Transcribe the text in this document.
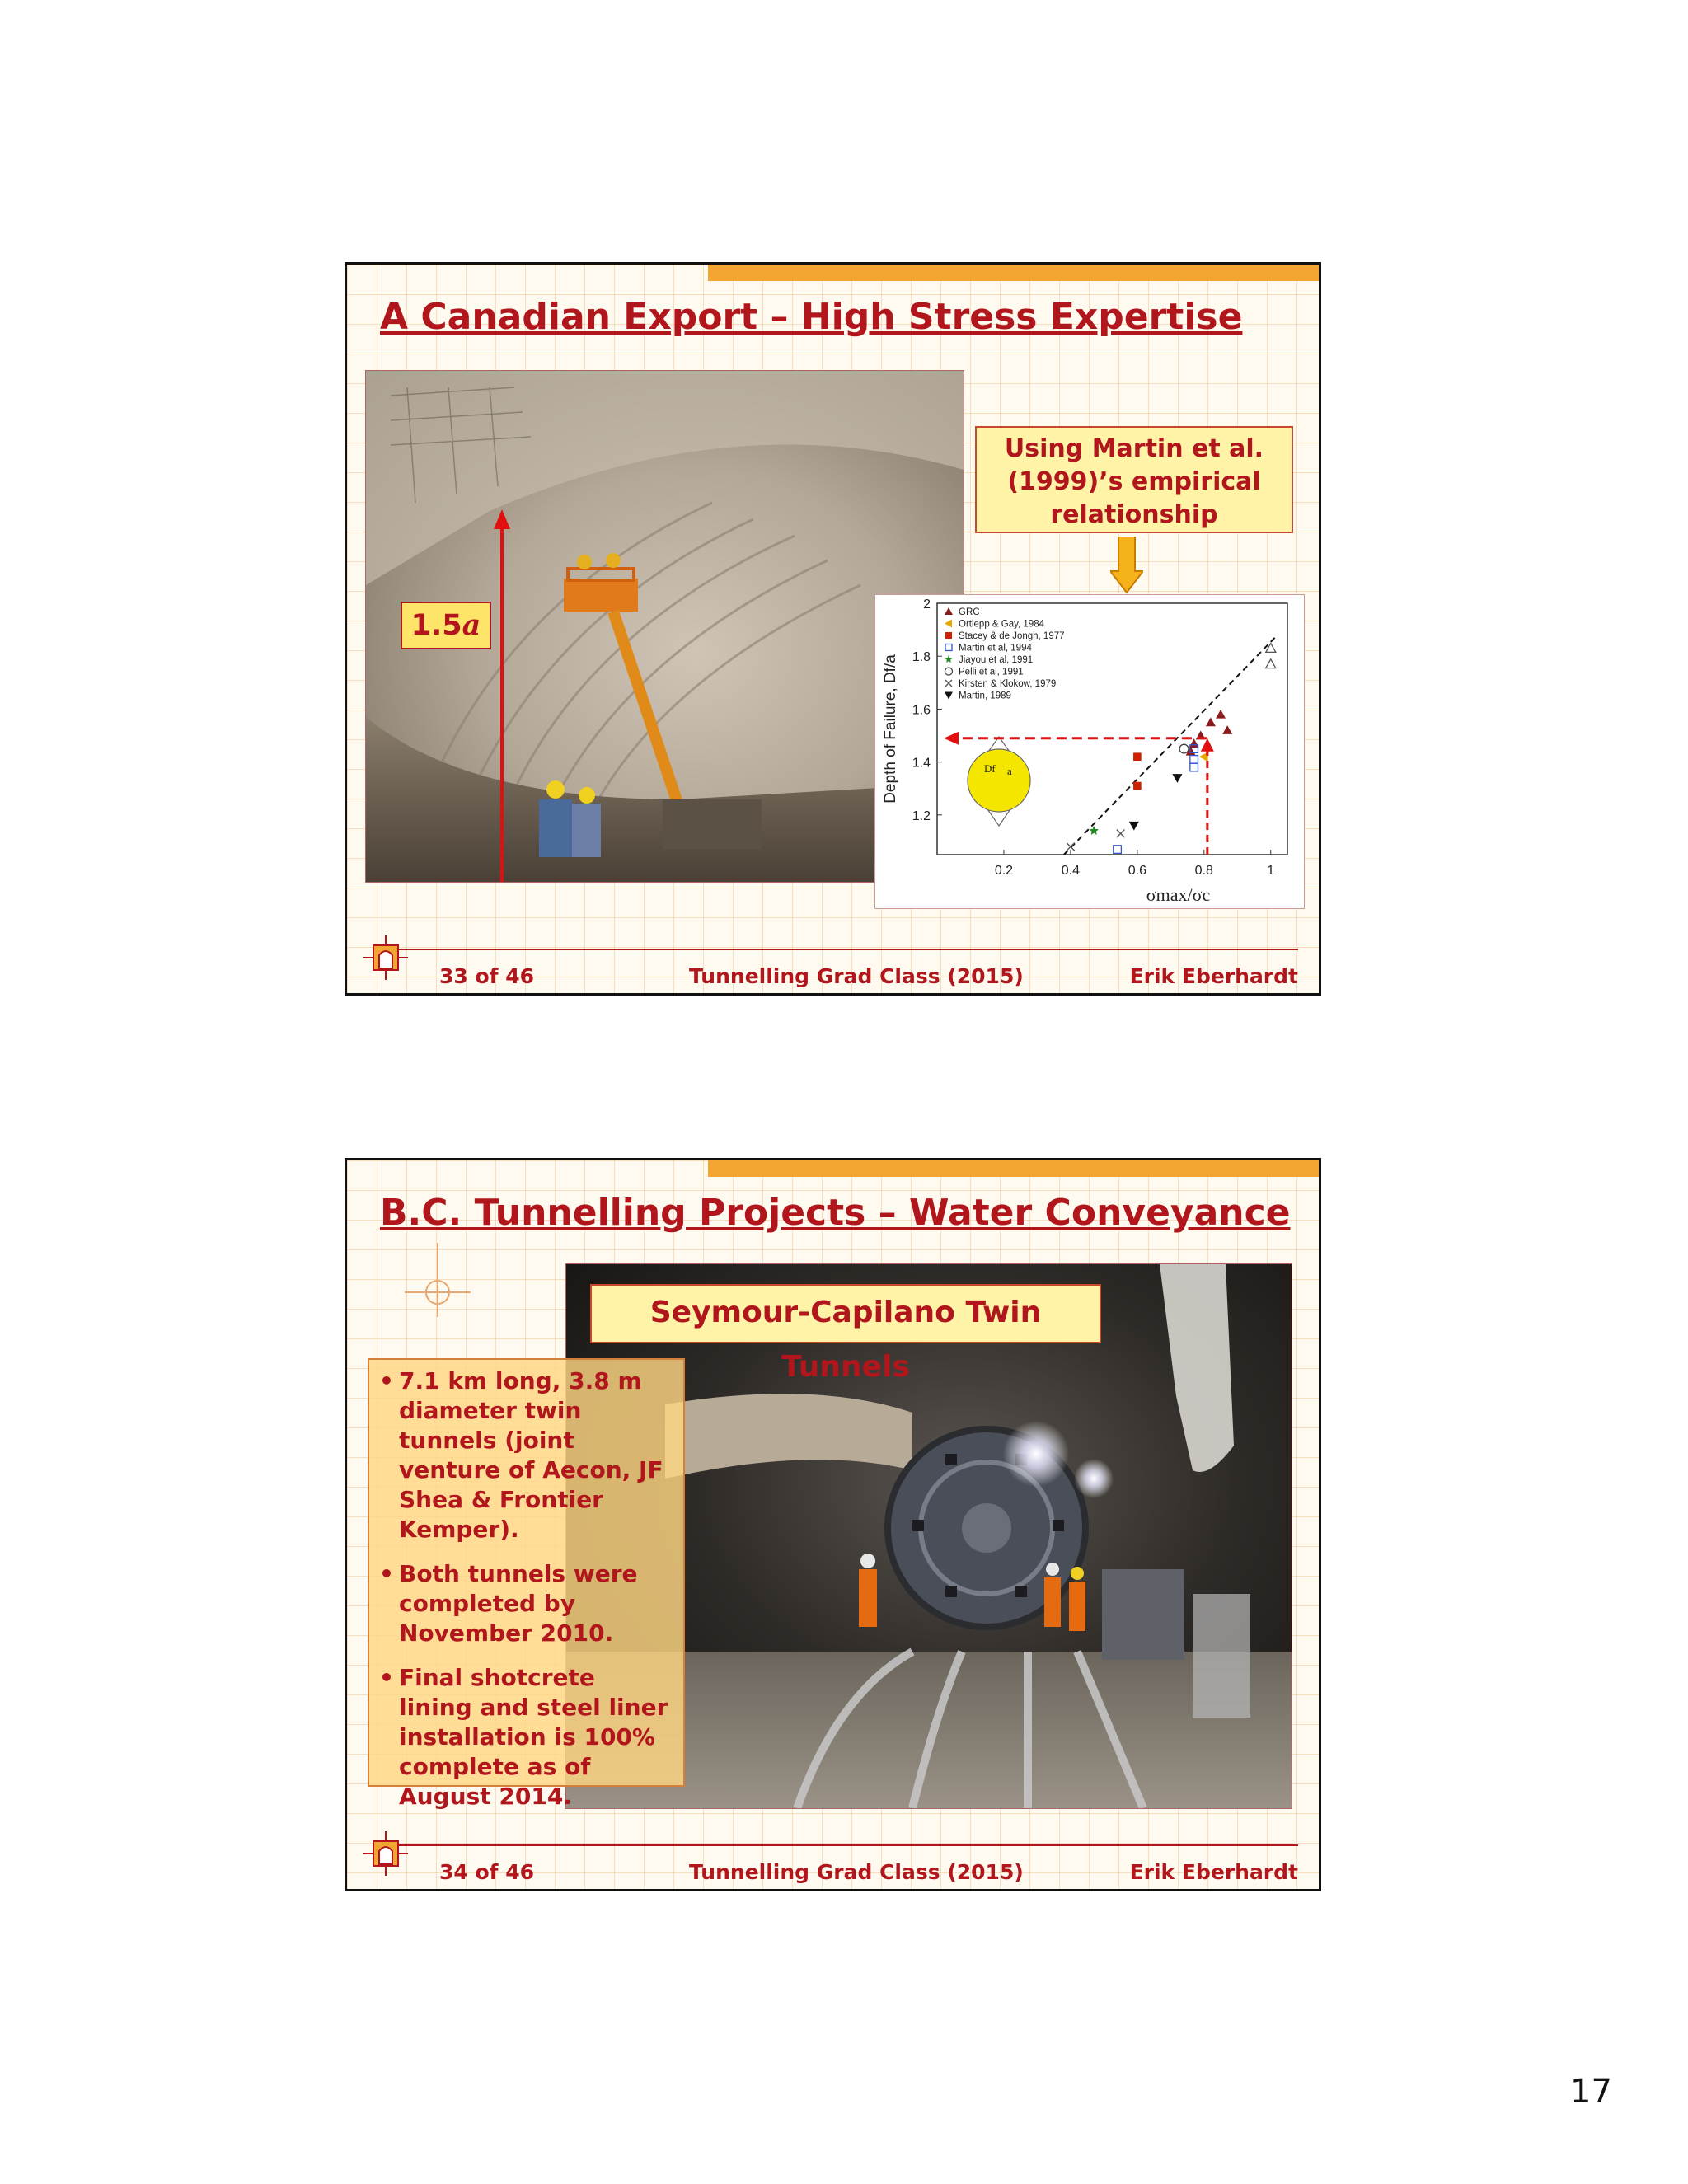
A Canadian Export – High Stress Expertise
1.5a
Using Martin et al.
(1999)’s empirical
relationship
0.2	0.4	0.6	0.8	1
1.2
1.4
1.6
1.8
2
σmax/σc
Depth of Failure, Df/a	Df a
GRC
Ortlepp & Gay, 1984
Stacey & de Jongh, 1977
Martin et al, 1994
Jiayou et al, 1991
Pelli et al, 1991
Kirsten & Klokow, 1979
Martin, 1989
33 of 46	Tunnelling Grad Class (2015)	Erik Eberhardt
B.C. Tunnelling Projects – Water Conveyance
Seymour-Capilano Twin Tunnels
• 7.1 km long, 3.8 m diameter twin tunnels (joint venture of Aecon, JF Shea & Frontier Kemper).
• Both tunnels were completed by November 2010.
• Final shotcrete lining and steel liner installation is 100% complete as of August 2014.
34 of 46	Tunnelling Grad Class (2015)	Erik Eberhardt
17
